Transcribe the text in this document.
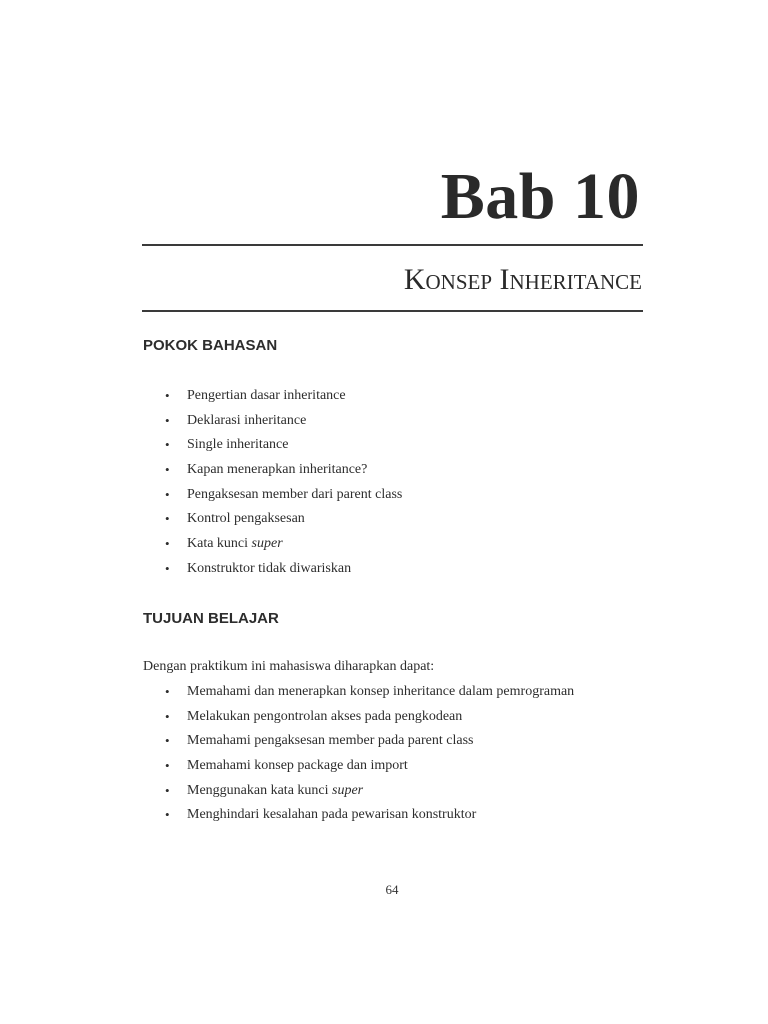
Bab 10
Konsep Inheritance
POKOK BAHASAN
• Pengertian dasar inheritance
• Deklarasi inheritance
• Single inheritance
• Kapan menerapkan inheritance?
• Pengaksesan member dari parent class
• Kontrol pengaksesan
• Kata kunci super
• Konstruktor tidak diwariskan
TUJUAN BELAJAR
Dengan praktikum ini mahasiswa diharapkan dapat:
• Memahami dan menerapkan konsep inheritance dalam pemrograman
• Melakukan pengontrolan akses pada pengkodean
• Memahami pengaksesan member pada parent class
• Memahami konsep package dan import
• Menggunakan kata kunci super
• Menghindari kesalahan pada pewarisan konstruktor
64
